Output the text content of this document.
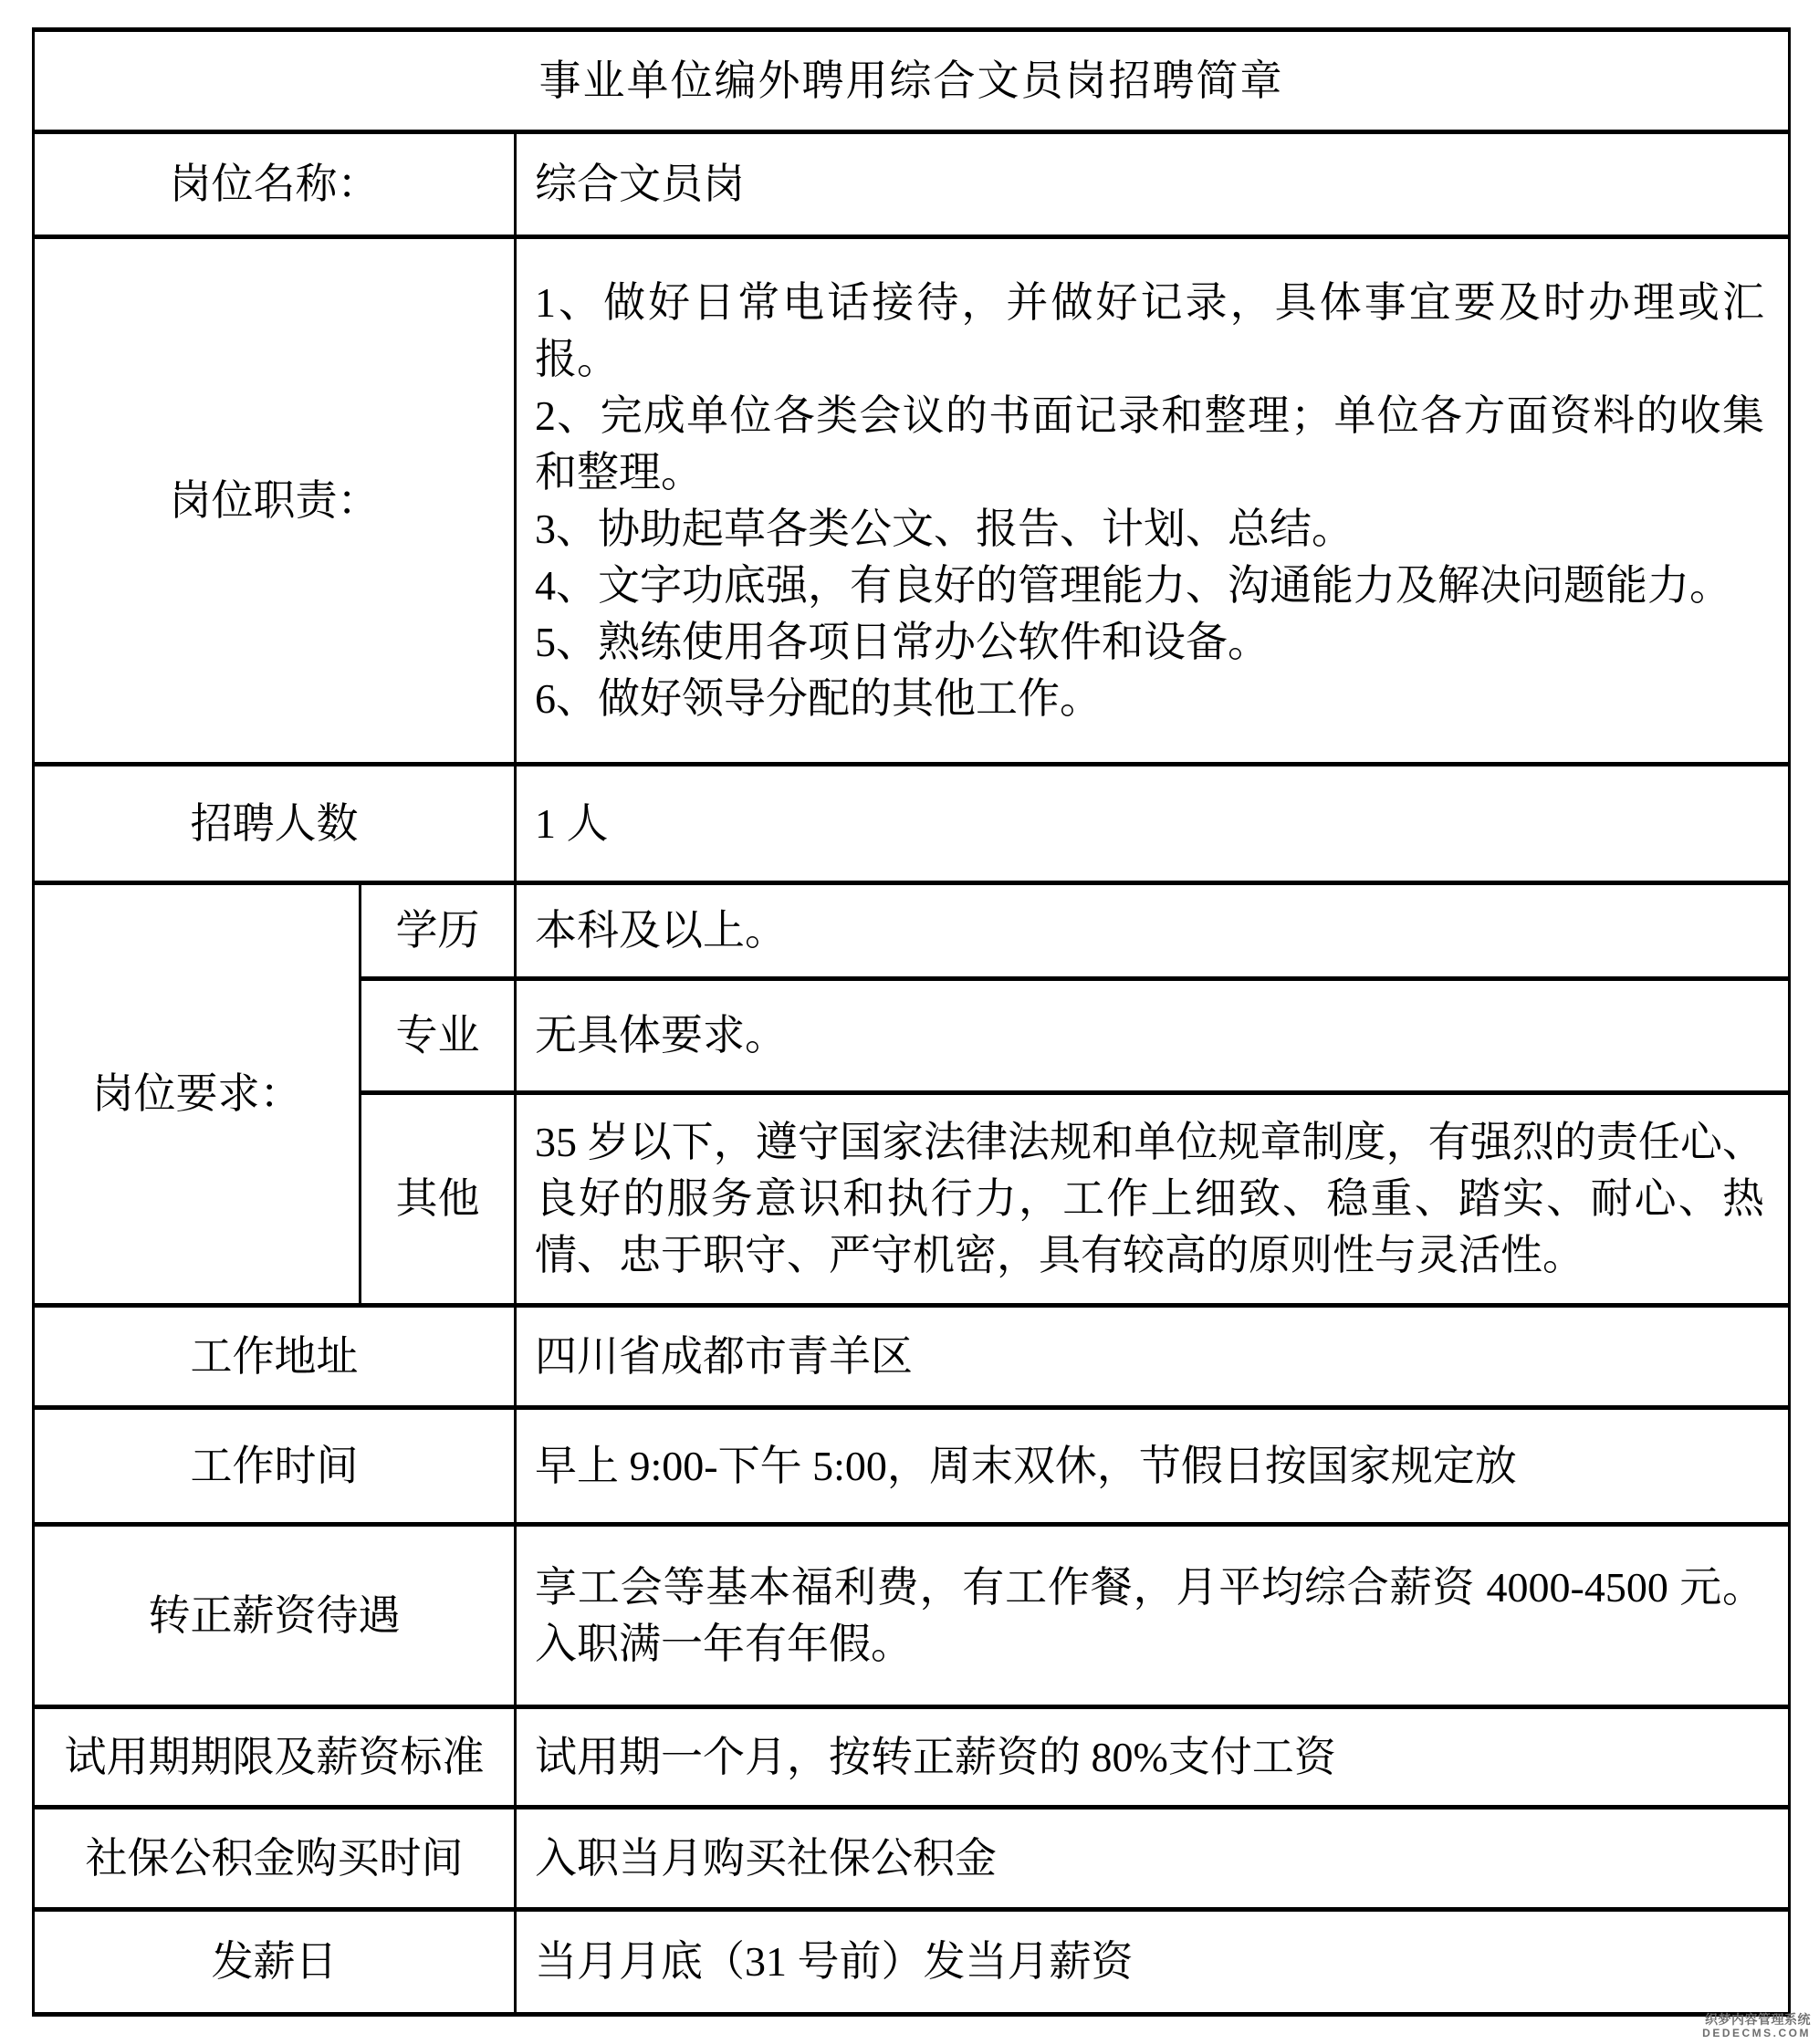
事业单位编外聘用综合文员岗招聘简章		
岗位名称：		综合文员岗
岗位职责：	
1、做好日常电话接待，并做好记录，具体事宜要及时办理或汇报。
2、完成单位各类会议的书面记录和整理；单位各方面资料的收集和整理。
3、协助起草各类公文、报告、计划、总结。
4、文字功底强，有良好的管理能力、沟通能力及解决问题能力。
5、熟练使用各项日常办公软件和设备。
6、做好领导分配的其他工作。

招聘人数		1 人
岗位要求：	学历	本科及以上。
	专业	无具体要求。
	其他	35 岁以下，遵守国家法律法规和单位规章制度，有强烈的责任心、良好的服务意识和执行力，工作上细致、稳重、踏实、耐心、热情、忠于职守、严守机密，具有较高的原则性与灵活性。
工作地址		四川省成都市青羊区
工作时间		早上 9:00-下午 5:00，周末双休，节假日按国家规定放
转正薪资待遇		享工会等基本福利费，有工作餐，月平均综合薪资 4000-4500 元。入职满一年有年假。
试用期期限及薪资标准		试用期一个月，按转正薪资的 80%支付工资
社保公积金购买时间		入职当月购买社保公积金
发薪日		当月月底（31 号前）发当月薪资
织梦内容管理系统
DEDECMS.COM
